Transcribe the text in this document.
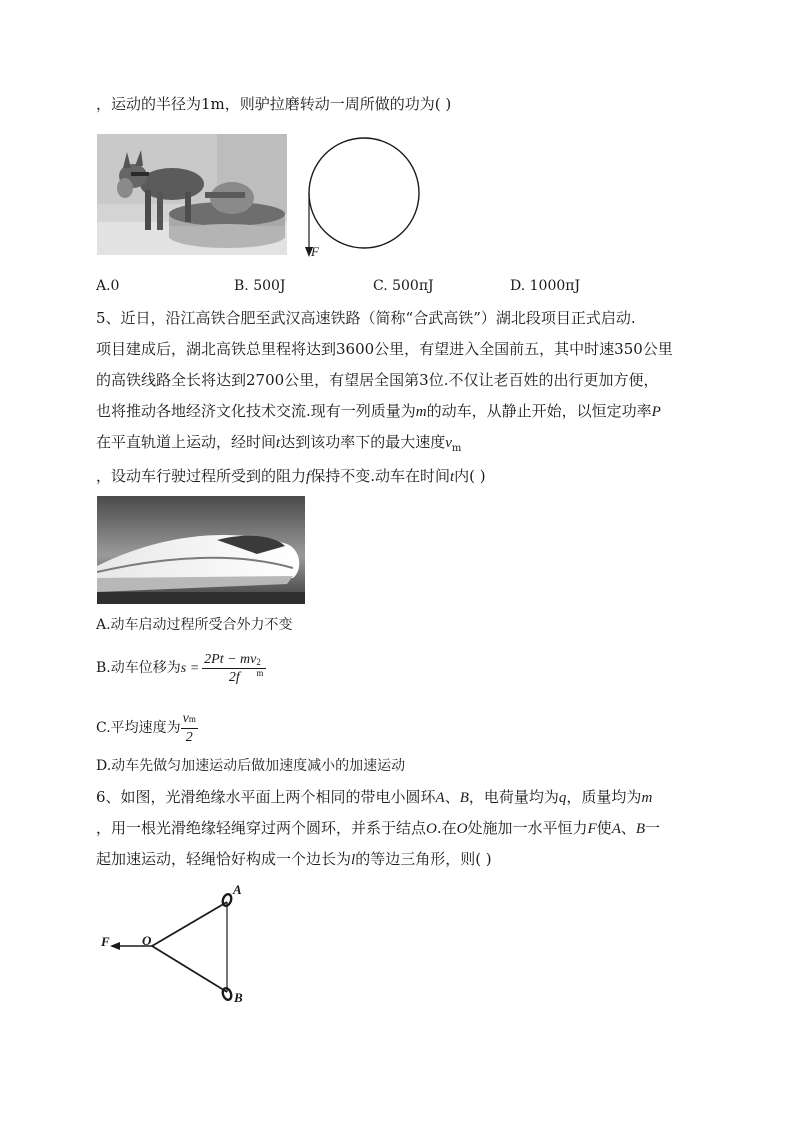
，运动的半径为1m，则驴拉磨转动一周所做的功为( )
F
A.0	B. 500J	C. 500πJ	D. 1000πJ
5、近日，沿江高铁合肥至武汉高速铁路（简称“合武高铁”）湖北段项目正式启动.
项目建成后，湖北高铁总里程将达到3600公里，有望进入全国前五，其中时速350公里
的高铁线路全长将达到2700公里，有望居全国第3位.不仅让老百姓的出行更加方便，
也将推动各地经济文化技术交流.现有一列质量为m的动车，从静止开始，以恒定功率P
在平直轨道上运动，经时间t达到该功率下的最大速度$v_m$
，设动车行驶过程所受到的阻力f保持不变.动车在时间t内( )
A.动车启动过程所受合外力不变
B.动车位移为s = 2Pt − mv 2
m
2f
C.平均速度为 $\frac{vm}{2}$
D.动车先做匀加速运动后做加速度减小的加速运动
6、如图，光滑绝缘水平面上两个相同的带电小圆环A、B，电荷量均为q，质量均为m
，用一根光滑绝缘轻绳穿过两个圆环，并系于结点O.在O处施加一水平恒力F使A、B一
起加速运动，轻绳恰好构成一个边长为l的等边三角形，则( )
F O
A
B
